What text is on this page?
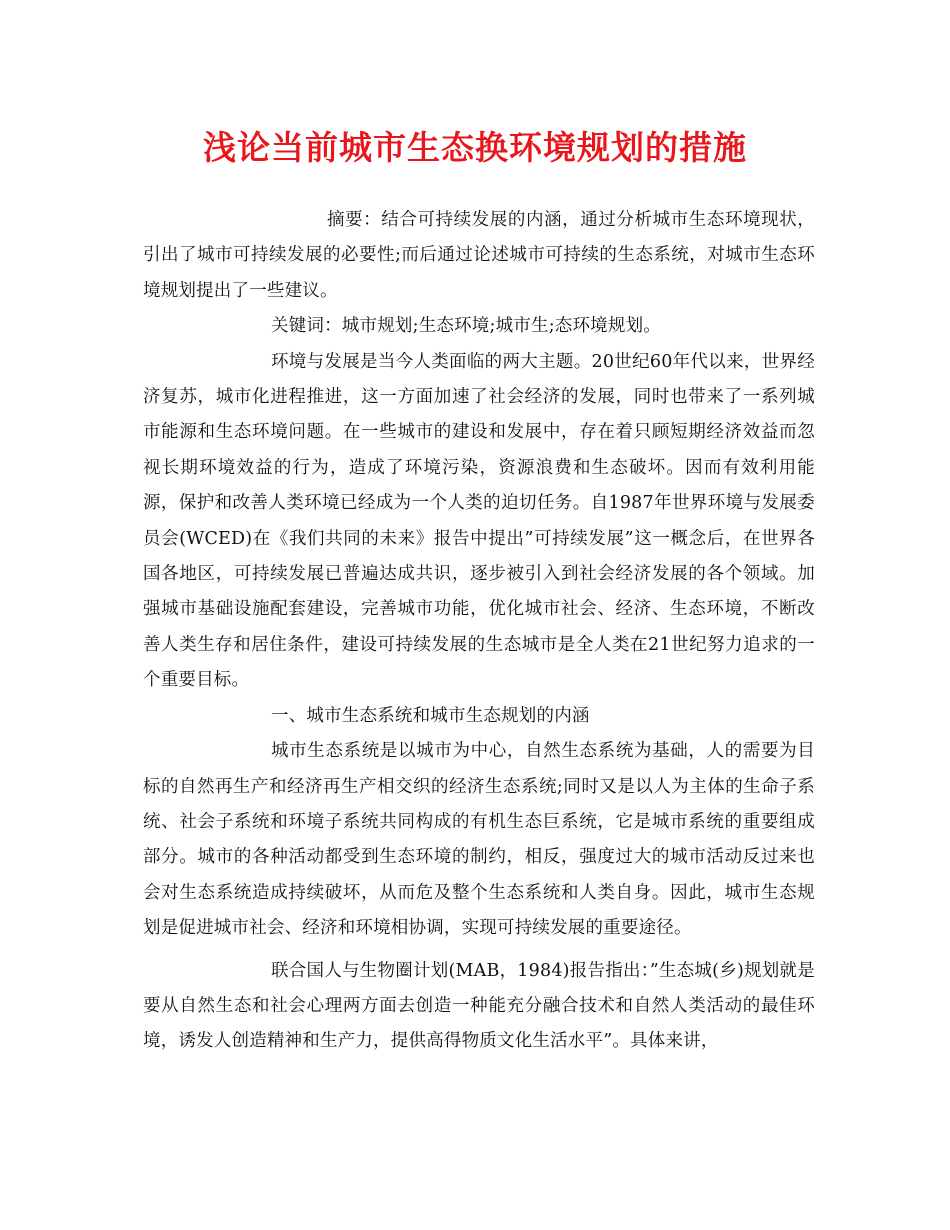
浅论当前城市生态换环境规划的措施

摘要：结合可持续发展的内涵，通过分析城市生态环境现状，引出了城市可持续发展的必要性;而后通过论述城市可持续的生态系统，对城市生态环境规划提出了一些建议。

关键词：城市规划;生态环境;城市生;态环境规划。

环境与发展是当今人类面临的两大主题。20世纪60年代以来，世界经济复苏，城市化进程推进，这一方面加速了社会经济的发展，同时也带来了一系列城市能源和生态环境问题。在一些城市的建设和发展中，存在着只顾短期经济效益而忽视长期环境效益的行为，造成了环境污染，资源浪费和生态破坏。因而有效利用能源，保护和改善人类环境已经成为一个人类的迫切任务。自1987年世界环境与发展委员会(WCED)在《我们共同的未来》报告中提出”可持续发展”这一概念后，在世界各国各地区，可持续发展已普遍达成共识，逐步被引入到社会经济发展的各个领域。加强城市基础设施配套建设，完善城市功能，优化城市社会、经济、生态环境，不断改善人类生存和居住条件，建设可持续发展的生态城市是全人类在21世纪努力追求的一个重要目标。

一、城市生态系统和城市生态规划的内涵

城市生态系统是以城市为中心，自然生态系统为基础，人的需要为目标的自然再生产和经济再生产相交织的经济生态系统;同时又是以人为主体的生命子系统、社会子系统和环境子系统共同构成的有机生态巨系统，它是城市系统的重要组成部分。城市的各种活动都受到生态环境的制约，相反，强度过大的城市活动反过来也会对生态系统造成持续破坏，从而危及整个生态系统和人类自身。因此，城市生态规划是促进城市社会、经济和环境相协调，实现可持续发展的重要途径。

联合国人与生物圈计划(MAB，1984)报告指出：”生态城(乡)规划就是要从自然生态和社会心理两方面去创造一种能充分融合技术和自然人类活动的最佳环境，诱发人创造精神和生产力，提供高得物质文化生活水平”。具体来讲，
